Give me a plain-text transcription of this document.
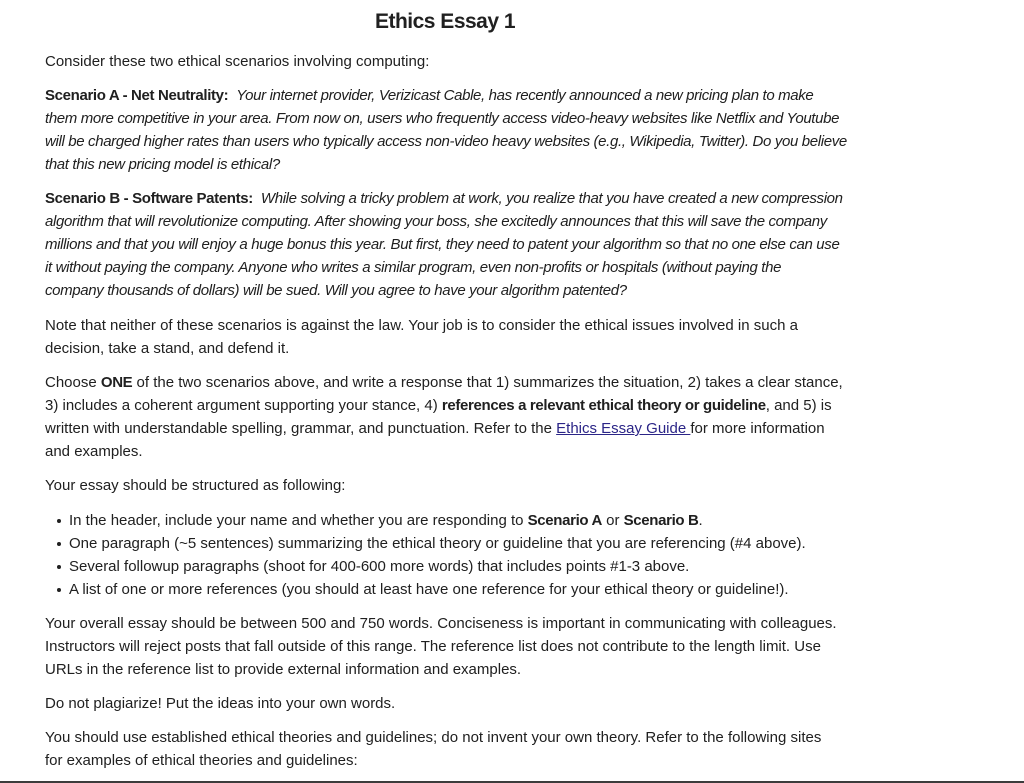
Ethics Essay 1
Consider these two ethical scenarios involving computing:
Scenario A - Net Neutrality: Your internet provider, Verizicast Cable, has recently announced a new pricing plan to make
them more competitive in your area. From now on, users who frequently access video-heavy websites like Netflix and Youtube
will be charged higher rates than users who typically access non-video heavy websites (e.g., Wikipedia, Twitter). Do you believe
that this new pricing model is ethical?
Scenario B - Software Patents: While solving a tricky problem at work, you realize that you have created a new compression
algorithm that will revolutionize computing. After showing your boss, she excitedly announces that this will save the company
millions and that you will enjoy a huge bonus this year. But first, they need to patent your algorithm so that no one else can use
it without paying the company. Anyone who writes a similar program, even non-profits or hospitals (without paying the
company thousands of dollars) will be sued. Will you agree to have your algorithm patented?
Note that neither of these scenarios is against the law. Your job is to consider the ethical issues involved in such a
decision, take a stand, and defend it.
Choose ONE of the two scenarios above, and write a response that 1) summarizes the situation, 2) takes a clear stance,
3) includes a coherent argument supporting your stance, 4) references a relevant ethical theory or guideline, and 5) is
written with understandable spelling, grammar, and punctuation. Refer to the Ethics Essay Guide for more information
and examples.
Your essay should be structured as following:
In the header, include your name and whether you are responding to Scenario A or Scenario B.
One paragraph (~5 sentences) summarizing the ethical theory or guideline that you are referencing (#4 above).
Several followup paragraphs (shoot for 400-600 more words) that includes points #1-3 above.
A list of one or more references (you should at least have one reference for your ethical theory or guideline!).
Your overall essay should be between 500 and 750 words. Conciseness is important in communicating with colleagues.
Instructors will reject posts that fall outside of this range. The reference list does not contribute to the length limit. Use
URLs in the reference list to provide external information and examples.
Do not plagiarize! Put the ideas into your own words.
You should use established ethical theories and guidelines; do not invent your own theory. Refer to the following sites
for examples of ethical theories and guidelines:
